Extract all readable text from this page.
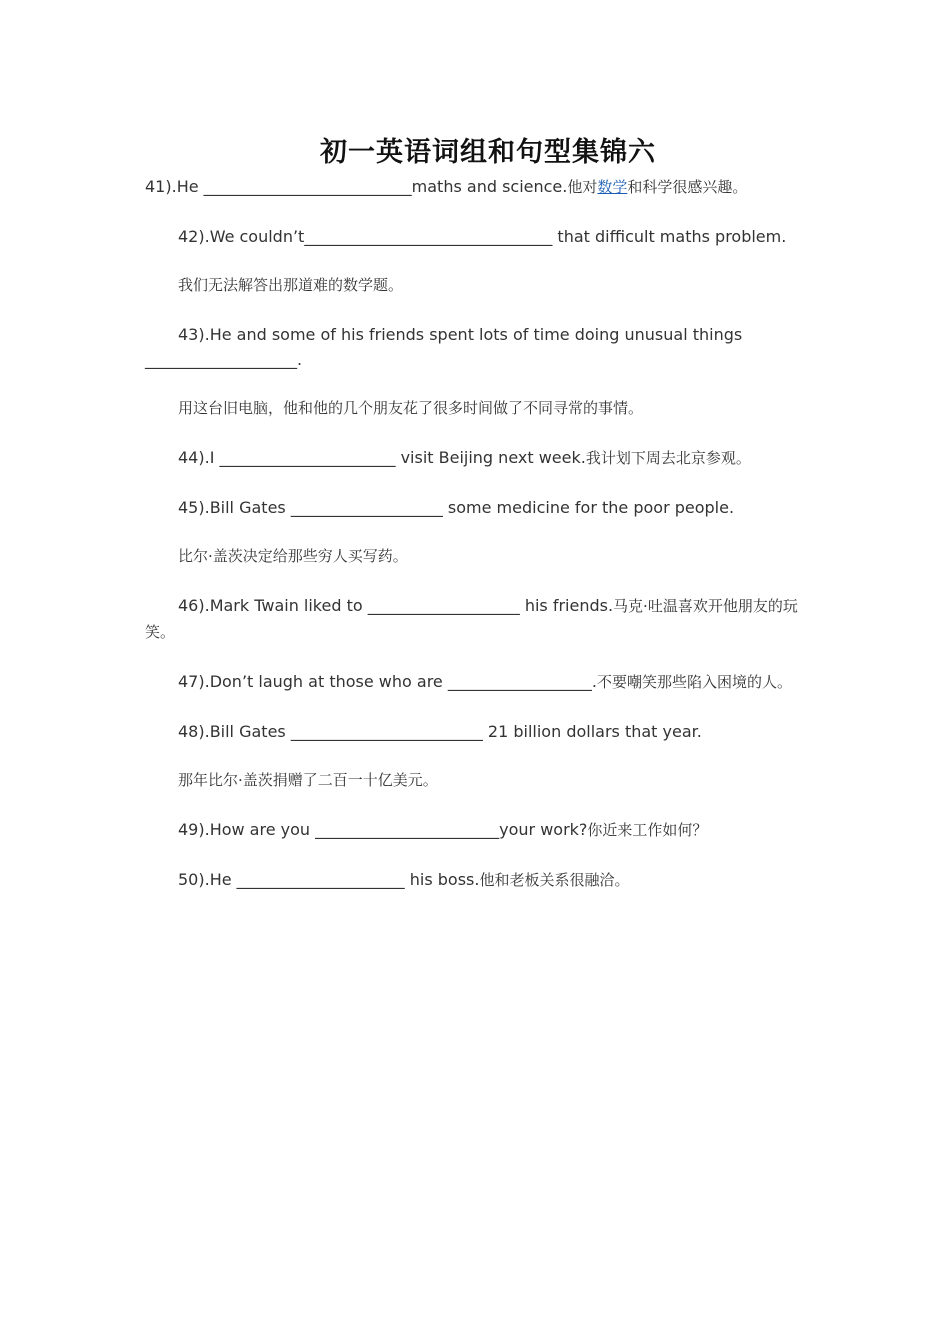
初一英语词组和句型集锦六

41).He __________________________maths and science.他对数学和科学很感兴趣。

42).We couldn’t_______________________________ that difficult maths problem.

我们无法解答出那道难的数学题。

43).He and some of his friends spent lots of time doing unusual things ___________________.

用这台旧电脑，他和他的几个朋友花了很多时间做了不同寻常的事情。

44).I ______________________ visit Beijing next week.我计划下周去北京参观。

45).Bill Gates ___________________ some medicine for the poor people.

比尔·盖茨决定给那些穷人买写药。

46).Mark Twain liked to ___________________ his friends.马克·吐温喜欢开他朋友的玩笑。

47).Don’t laugh at those who are __________________.不要嘲笑那些陷入困境的人。

48).Bill Gates ________________________ 21 billion dollars that year.

那年比尔·盖茨捐赠了二百一十亿美元。

49).How are you _______________________your work?你近来工作如何？

50).He _____________________ his boss.他和老板关系很融洽。
